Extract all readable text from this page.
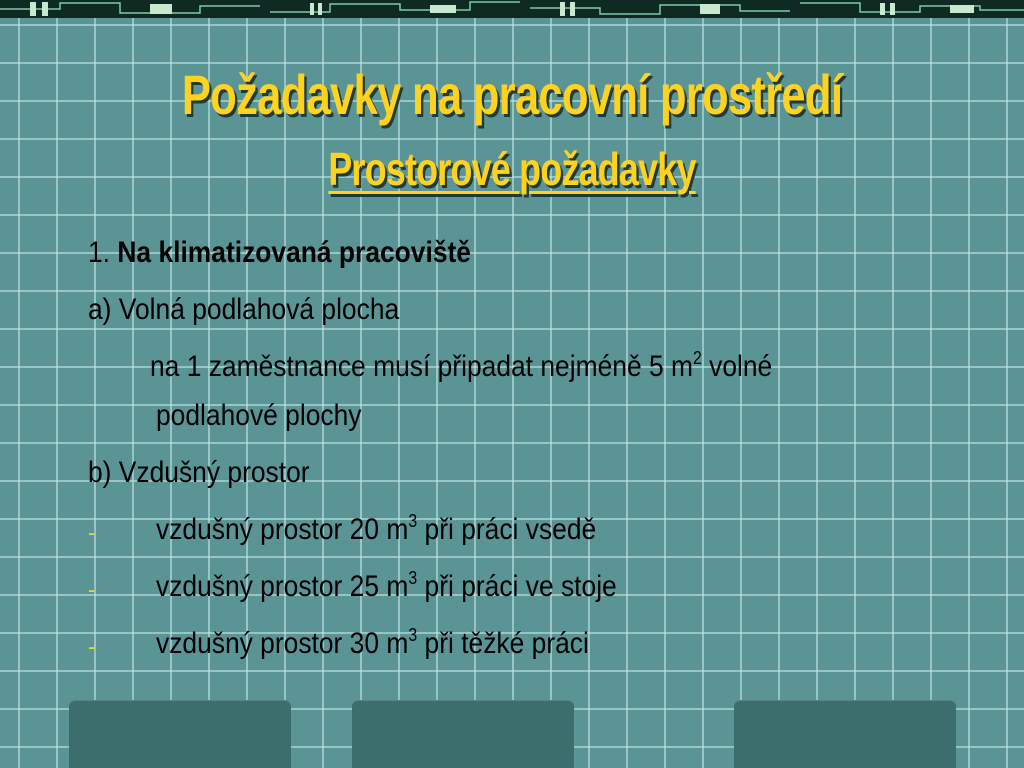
Požadavky na pracovní prostředí
Prostorové požadavky
1. Na klimatizovaná pracoviště
a) Volná podlahová plocha
na 1 zaměstnance musí připadat nejméně 5 $m^2$ volné
podlahové plochy
b) Vzdušný prostor
- vzdušný prostor 20 $m^3$ při práci vsedě
- vzdušný prostor 25 $m^3$ při práci ve stoje
- vzdušný prostor 30 $m^3$ při těžké práci
